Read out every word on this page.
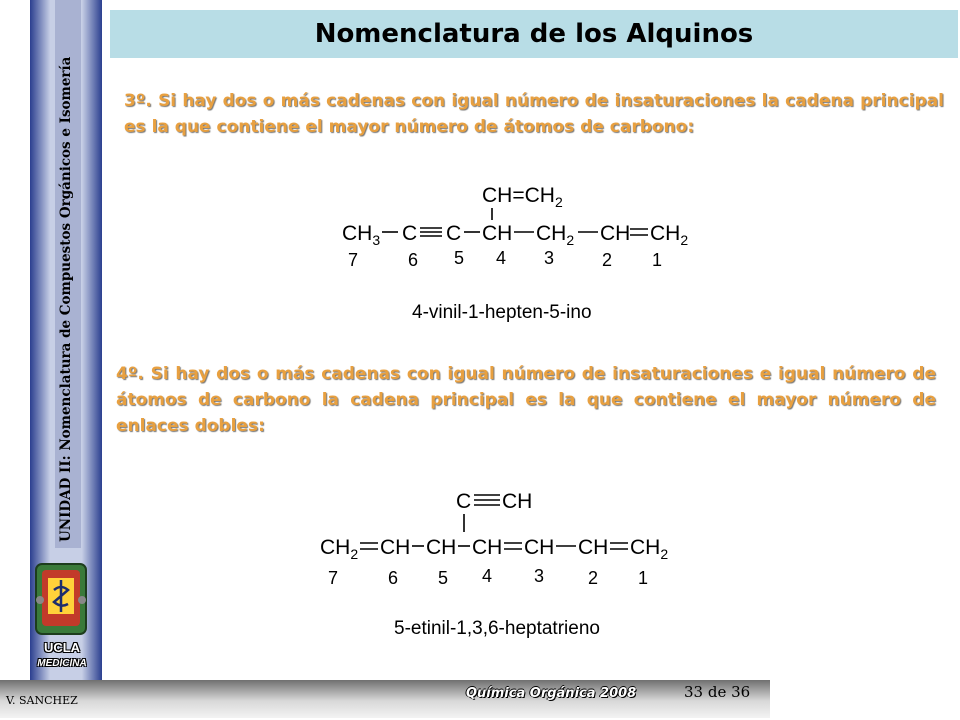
UNIDAD II: Nomenclatura de Compuestos Orgánicos e Isomería
UCLA
MEDICINA
Nomenclatura de los Alquinos
3º. Si hay dos o más cadenas con igual número de insaturaciones la cadena principal es la que contiene el mayor número de átomos de carbono:
$CH=CH_2$
$CH_3$ C C CH $CH_2$ CH $CH_2$
7	6 5 4 3	2 1
4-vinil-1-hepten-5-ino
4º. Si hay dos o más cadenas con igual número de insaturaciones e igual número de átomos de carbono la cadena principal es la que contiene el mayor número de enlaces dobles:
C CH
$CH_2$ CH CH CH CH CH $CH_2$
7	6 5 4 3 2 1
5-etinil-1,3,6-heptatrieno
V. SANCHEZ	Química Orgánica 2008	33 de 36
